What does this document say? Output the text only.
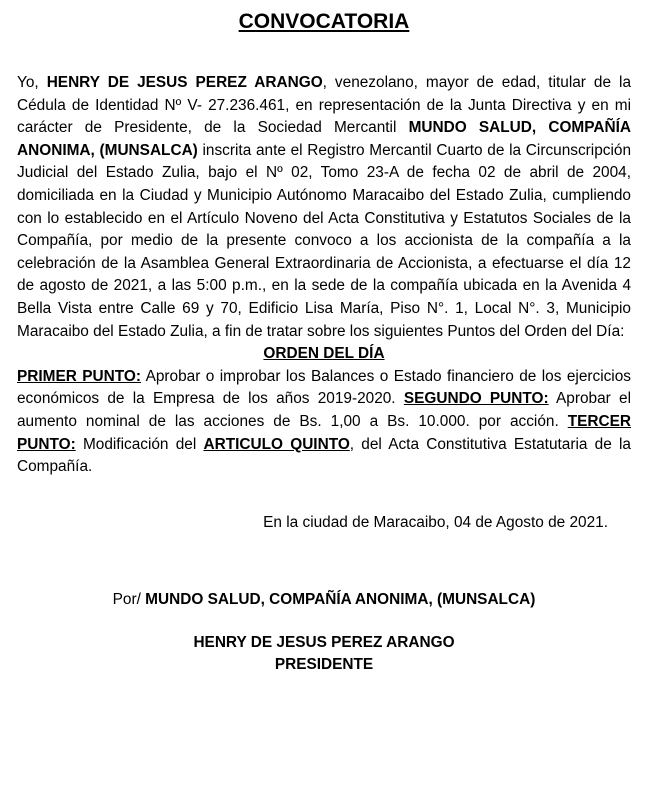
CONVOCATORIA

Yo, HENRY DE JESUS PEREZ ARANGO, venezolano, mayor de edad, titular de la Cédula de Identidad Nº V- 27.236.461, en representación de la Junta Directiva y en mi carácter de Presidente, de la Sociedad Mercantil MUNDO SALUD, COMPAÑÍA ANONIMA, (MUNSALCA) inscrita ante el Registro Mercantil Cuarto de la Circunscripción Judicial del Estado Zulia, bajo el Nº 02, Tomo 23-A de fecha 02 de abril de 2004, domiciliada en la Ciudad y Municipio Autónomo Maracaibo del Estado Zulia, cumpliendo con lo establecido en el Artículo Noveno del Acta Constitutiva y Estatutos Sociales de la Compañía, por medio de la presente convoco a los accionista de la compañía a la celebración de la Asamblea General Extraordinaria de Accionista, a efectuarse el día 12 de agosto de 2021, a las 5:00 p.m., en la sede de la compañía ubicada en la Avenida 4 Bella Vista entre Calle 69 y 70, Edificio Lisa María, Piso N°. 1, Local N°. 3, Municipio Maracaibo del Estado Zulia, a fin de tratar sobre los siguientes Puntos del Orden del Día:

ORDEN DEL DÍA

PRIMER PUNTO: Aprobar o improbar los Balances o Estado financiero de los ejercicios económicos de la Empresa de los años 2019-2020. SEGUNDO PUNTO: Aprobar el aumento nominal de las acciones de Bs. 1,00 a Bs. 10.000. por acción. TERCER PUNTO: Modificación del ARTICULO QUINTO, del Acta Constitutiva Estatutaria de la Compañía.

En la ciudad de Maracaibo, 04 de Agosto de 2021.
Por/ MUNDO SALUD, COMPAÑÍA ANONIMA, (MUNSALCA)
HENRY DE JESUS PEREZ ARANGO
PRESIDENTE
